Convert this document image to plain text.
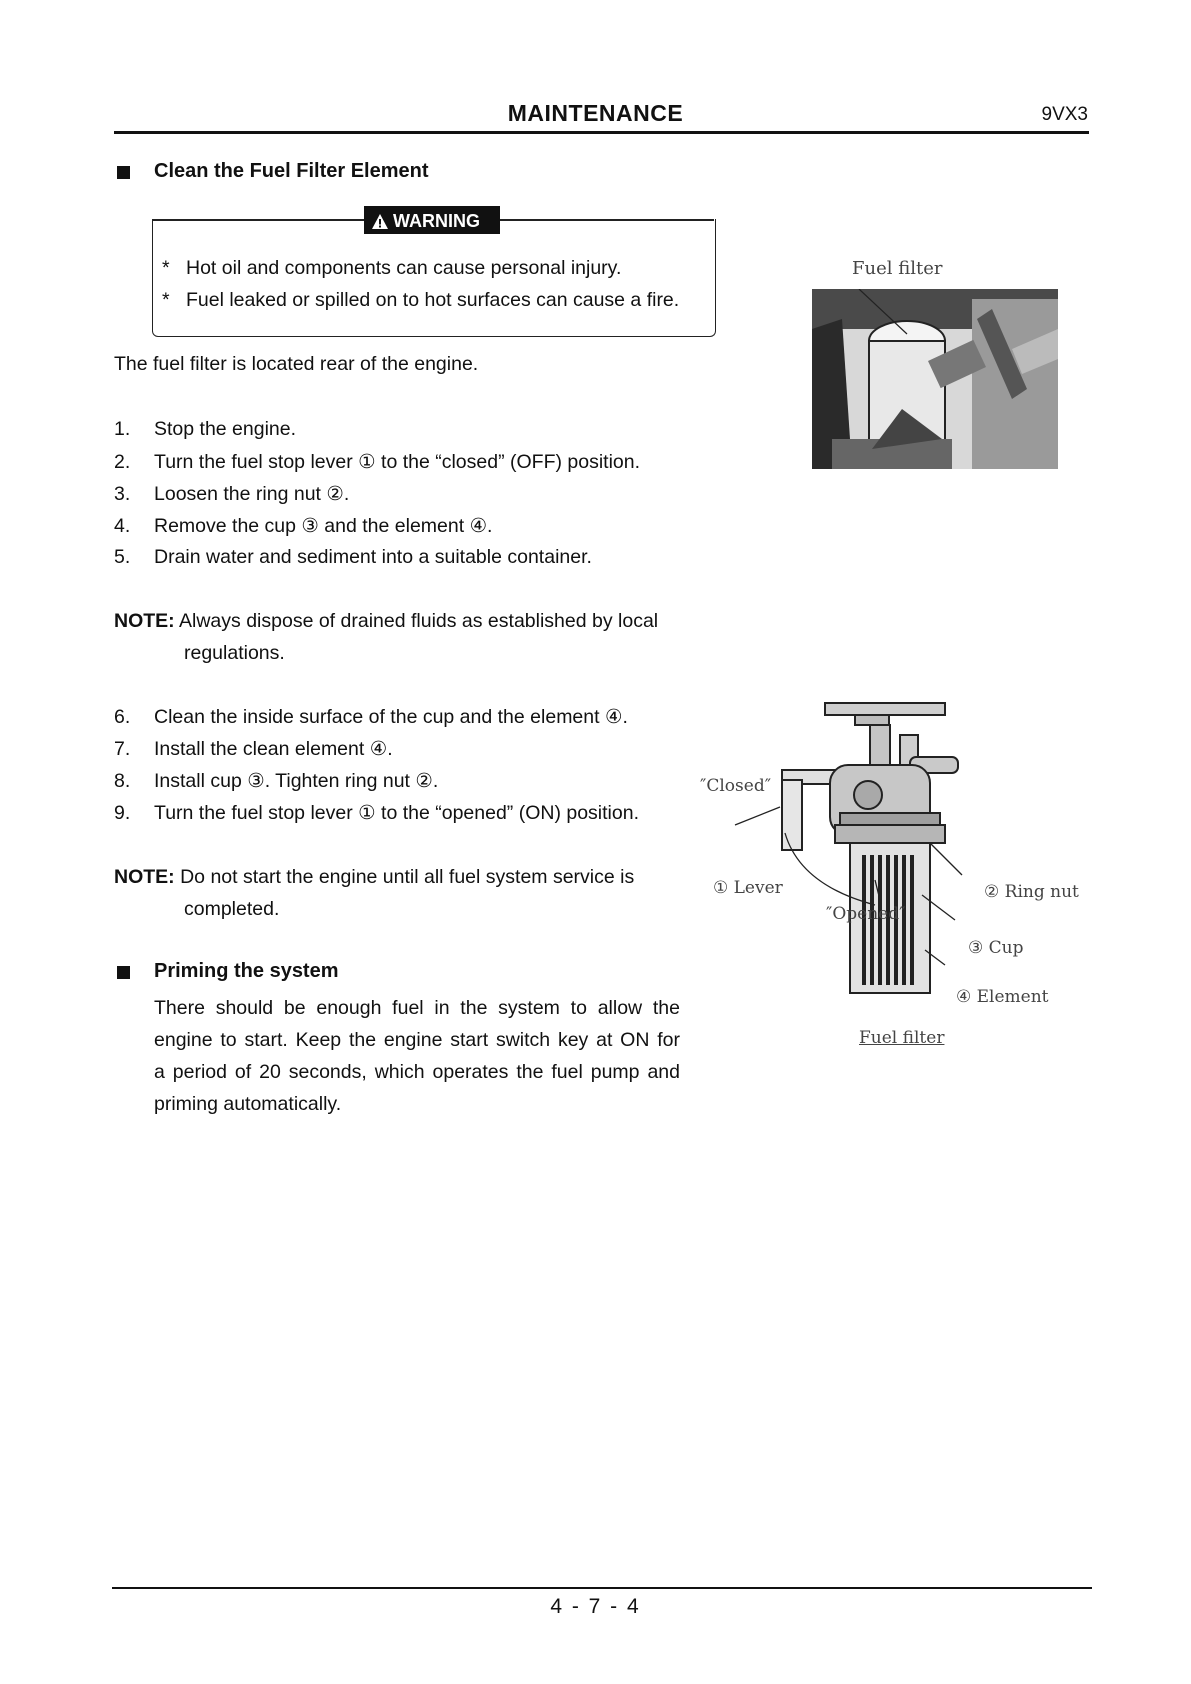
MAINTENANCE	9VX3
Clean the Fuel Filter Element
WARNING
* Hot oil and components can cause personal injury.
* Fuel leaked or spilled on to hot surfaces can cause a fire.
The fuel filter is located rear of the engine.
1. Stop the engine.
2. Turn the fuel stop lever ① to the “closed” (OFF) position.
3. Loosen the ring nut ②.
4. Remove the cup ③ and the element ④.
5. Drain water and sediment into a suitable container.
NOTE: Always dispose of drained fluids as established by local
regulations.
6. Clean the inside surface of the cup and the element ④.
7. Install the clean element ④.
8. Install cup ③. Tighten ring nut ②.
9. Turn the fuel stop lever ① to the “opened” (ON) position.
NOTE: Do not start the engine until all fuel system service is
completed.
Priming the system
There should be enough fuel in the system to allow the
engine to start. Keep the engine start switch key at ON for
a period of 20 seconds, which operates the fuel pump and
priming automatically.
Fuel filter
″Closed″
① Lever
″Opened″
② Ring nut
③ Cup
④ Element
Fuel filter
4 - 7 - 4
